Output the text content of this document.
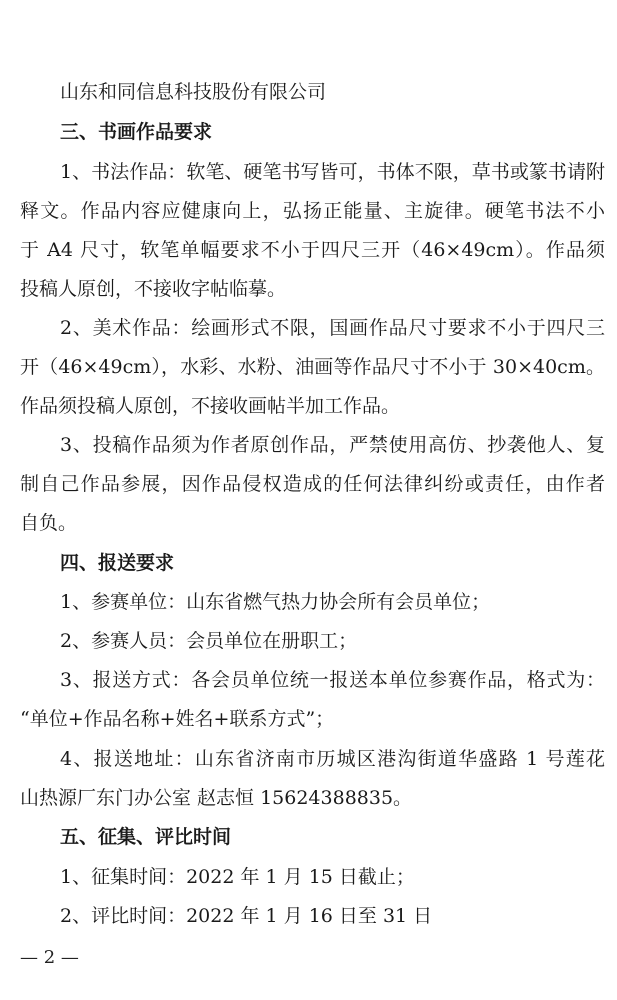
山东和同信息科技股份有限公司
三、书画作品要求
1、书法作品：软笔、硬笔书写皆可，书体不限，草书或篆书请附
释文。作品内容应健康向上，弘扬正能量、主旋律。硬笔书法不小
于 A4 尺寸，软笔单幅要求不小于四尺三开（46×49cm）。作品须
投稿人原创，不接收字帖临摹。
2、美术作品：绘画形式不限，国画作品尺寸要求不小于四尺三
开（46×49cm），水彩、水粉、油画等作品尺寸不小于 30×40cm。
作品须投稿人原创，不接收画帖半加工作品。
3、投稿作品须为作者原创作品，严禁使用高仿、抄袭他人、复
制自己作品参展，因作品侵权造成的任何法律纠纷或责任，由作者
自负。
四、报送要求
1、参赛单位：山东省燃气热力协会所有会员单位；
2、参赛人员：会员单位在册职工；
3、报送方式：各会员单位统一报送本单位参赛作品，格式为：
“单位+作品名称+姓名+联系方式”；
4、报送地址：山东省济南市历城区港沟街道华盛路 1 号莲花
山热源厂东门办公室 赵志恒 15624388835。
五、征集、评比时间
1、征集时间：2022 年 1 月 15 日截止；
2、评比时间：2022 年 1 月 16 日至 31 日
— 2 —
